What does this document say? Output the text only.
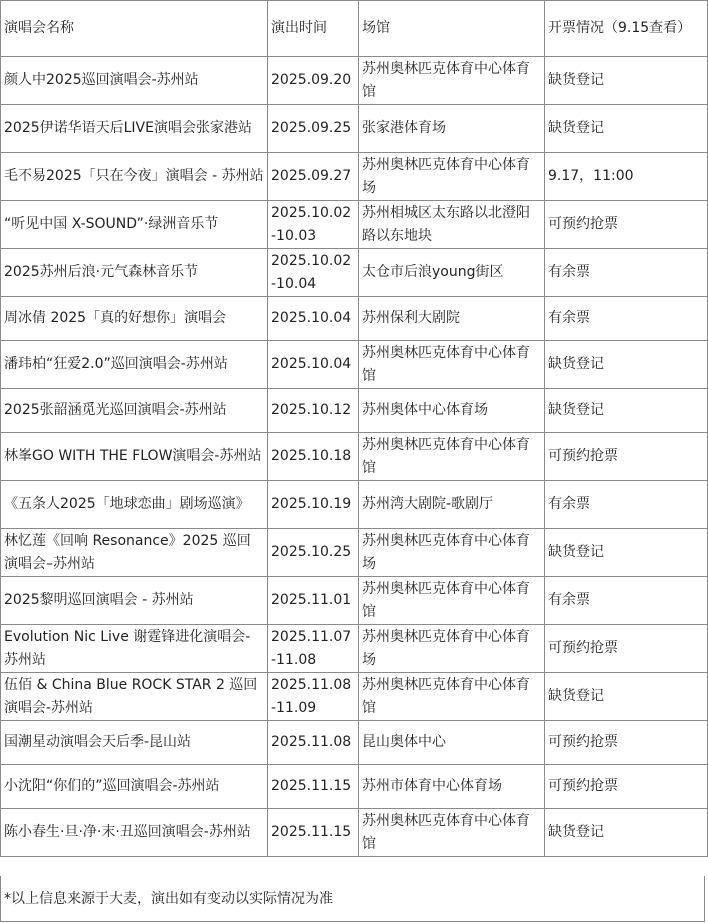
演唱会名称	演出时间	场馆	开票情况（9.15查看）
颜人中2025巡回演唱会-苏州站	2025.09.20	苏州奥林匹克体育中心体育馆	缺货登记
2025伊诺华语天后LIVE演唱会张家港站	2025.09.25	张家港体育场	缺货登记
毛不易2025「只在今夜」演唱会 - 苏州站	2025.09.27	苏州奥林匹克体育中心体育场	9.17，11:00
“听见中国 X-SOUND”·绿洲音乐节	2025.10.02-10.03	苏州相城区太东路以北澄阳路以东地块	可预约抢票
2025苏州后浪·元气森林音乐节	2025.10.02-10.04	太仓市后浪young街区	有余票
周冰倩 2025「真的好想你」演唱会	2025.10.04	苏州保利大剧院	有余票
潘玮柏“狂爱2.0”巡回演唱会-苏州站	2025.10.04	苏州奥林匹克体育中心体育馆	缺货登记
2025张韶涵觅光巡回演唱会-苏州站	2025.10.12	苏州奥体中心体育场	缺货登记
林峯GO WITH THE FLOW演唱会-苏州站	2025.10.18	苏州奥林匹克体育中心体育馆	可预约抢票
《五条人2025「地球恋曲」剧场巡演》	2025.10.19	苏州湾大剧院-歌剧厅	有余票
林忆莲《回响 Resonance》2025 巡回演唱会–苏州站	2025.10.25	苏州奥林匹克体育中心体育场	缺货登记
2025黎明巡回演唱会 - 苏州站	2025.11.01	苏州奥林匹克体育中心体育馆	有余票
Evolution Nic Live 谢霆锋进化演唱会-苏州站	2025.11.07-11.08	苏州奥林匹克体育中心体育场	可预约抢票
伍佰 & China Blue ROCK STAR 2 巡回演唱会-苏州站	2025.11.08-11.09	苏州奥林匹克体育中心体育馆	缺货登记
国潮星动演唱会天后季-昆山站	2025.11.08	昆山奥体中心	可预约抢票
小沈阳“你们的”巡回演唱会-苏州站	2025.11.15	苏州市体育中心体育场	可预约抢票
陈小春生·旦·净·末·丑巡回演唱会-苏州站	2025.11.15	苏州奥林匹克体育中心体育馆	缺货登记
*以上信息来源于大麦，演出如有变动以实际情况为准
